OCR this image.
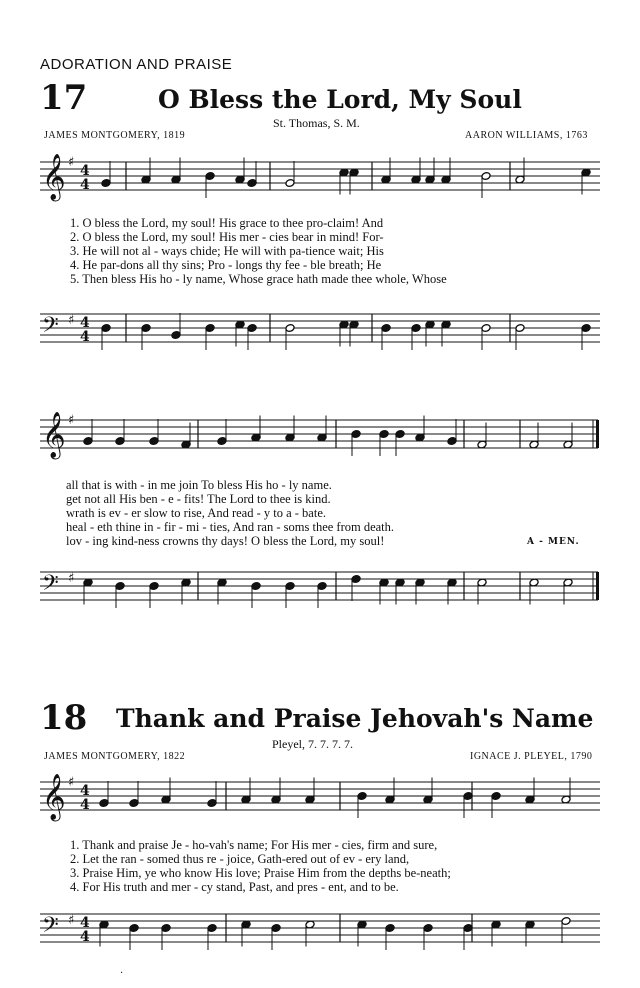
ADORATION AND PRAISE
17	O Bless the Lord, My Soul
St. Thomas, S. M.
JAMES MONTGOMERY, 1819	AARON WILLIAMS, 1763
𝄞 ♯
4
4
1. O bless the Lord, my soul! His grace to thee pro-claim! And
2. O bless the Lord, my soul! His mer - cies bear in mind! For-
3. He will not al - ways chide; He will with pa-tience wait; His
4. He par-dons all thy sins; Pro - longs thy fee - ble breath; He
5. Then bless His ho - ly name, Whose grace hath made thee whole, Whose
𝄢 ♯ 4
4
𝄞 ♯
all that is with - in me join To bless His ho - ly name.
get not all His ben - e - fits! The Lord to thee is kind.
wrath is ev - er slow to rise, And read - y to a - bate.
heal - eth thine in - fir - mi - ties, And ran - soms thee from death.
lov - ing kind-ness crowns thy days! O bless the Lord, my soul!	A - MEN.
𝄢 ♯
18 Thank and Praise Jehovah's Name
Pleyel, 7. 7. 7. 7.
JAMES MONTGOMERY, 1822	IGNACE J. PLEYEL, 1790
𝄞 ♯
4
4
1. Thank and praise Je - ho-vah's name; For His mer - cies, firm and sure,
2. Let the ran - somed thus re - joice, Gath-ered out of ev - ery land,
3. Praise Him, ye who know His love; Praise Him from the depths be-neath;
4. For His truth and mer - cy stand, Past, and pres - ent, and to be.
𝄢 ♯ 4
4
·
